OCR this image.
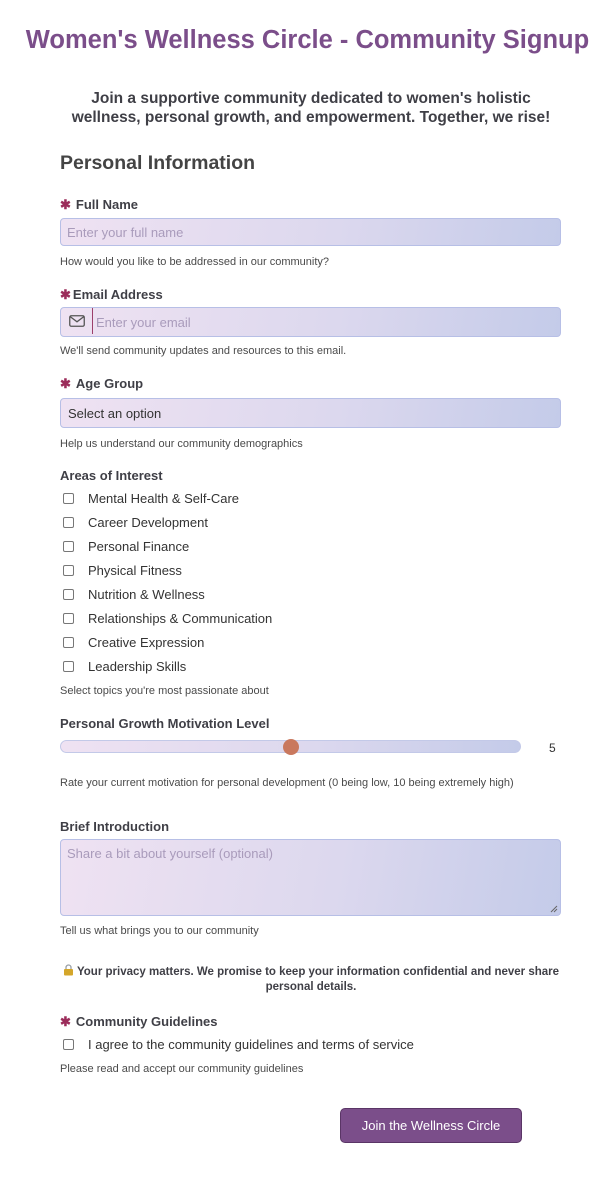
Women's Wellness Circle - Community Signup
Join a supportive community dedicated to women's holistic wellness, personal growth, and empowerment. Together, we rise!
Personal Information
✱ Full Name
Enter your full name
How would you like to be addressed in our community?
✱ Email Address
Enter your email
We'll send community updates and resources to this email.
✱ Age Group
Select an option
Help us understand our community demographics
Areas of Interest
Mental Health & Self-Care
Career Development
Personal Finance
Physical Fitness
Nutrition & Wellness
Relationships & Communication
Creative Expression
Leadership Skills
Select topics you're most passionate about
Personal Growth Motivation Level
5
Rate your current motivation for personal development (0 being low, 10 being extremely high)
Brief Introduction
Share a bit about yourself (optional)
Tell us what brings you to our community
Your privacy matters. We promise to keep your information confidential and never share personal details.
✱ Community Guidelines
I agree to the community guidelines and terms of service
Please read and accept our community guidelines
Join the Wellness Circle
